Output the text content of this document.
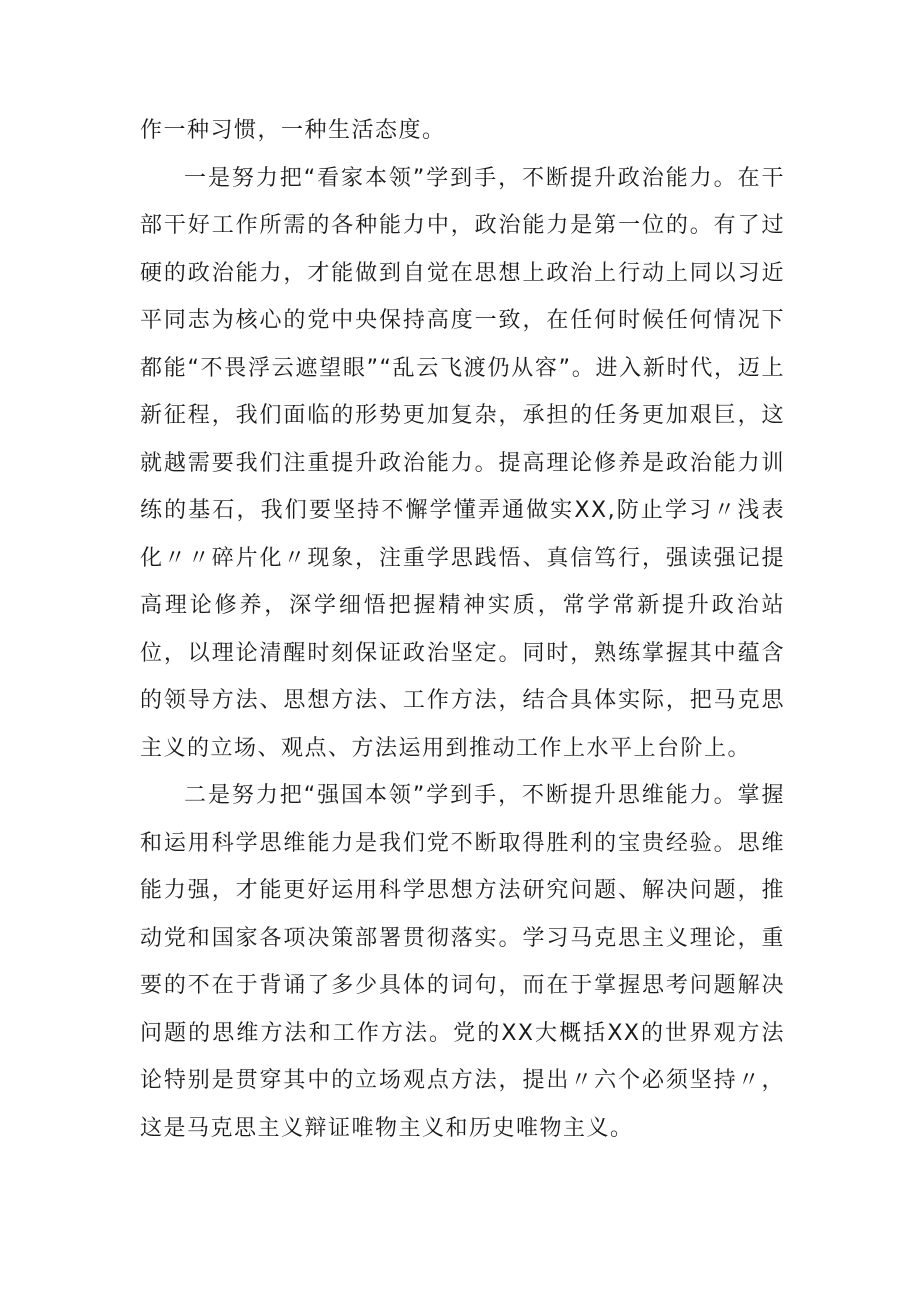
作一种习惯，一种生活态度。

一是努力把“看家本领”学到手，不断提升政治能力。在干部干好工作所需的各种能力中，政治能力是第一位的。有了过硬的政治能力，才能做到自觉在思想上政治上行动上同以习近平同志为核心的党中央保持高度一致，在任何时候任何情况下都能“不畏浮云遮望眼”“乱云飞渡仍从容”。进入新时代，迈上新征程，我们面临的形势更加复杂，承担的任务更加艰巨，这就越需要我们注重提升政治能力。提高理论修养是政治能力训练的基石，我们要坚持不懈学懂弄通做实XX,防止学习〃浅表化〃〃碎片化〃现象，注重学思践悟、真信笃行，强读强记提高理论修养，深学细悟把握精神实质，常学常新提升政治站位，以理论清醒时刻保证政治坚定。同时，熟练掌握其中蕴含的领导方法、思想方法、工作方法，结合具体实际，把马克思主义的立场、观点、方法运用到推动工作上水平上台阶上。

二是努力把“强国本领”学到手，不断提升思维能力。掌握和运用科学思维能力是我们党不断取得胜利的宝贵经验。思维能力强，才能更好运用科学思想方法研究问题、解决问题，推动党和国家各项决策部署贯彻落实。学习马克思主义理论，重要的不在于背诵了多少具体的词句，而在于掌握思考问题解决问题的思维方法和工作方法。党的XX大概括XX的世界观方法论特别是贯穿其中的立场观点方法，提出〃六个必须坚持〃，这是马克思主义辩证唯物主义和历史唯物主义。
